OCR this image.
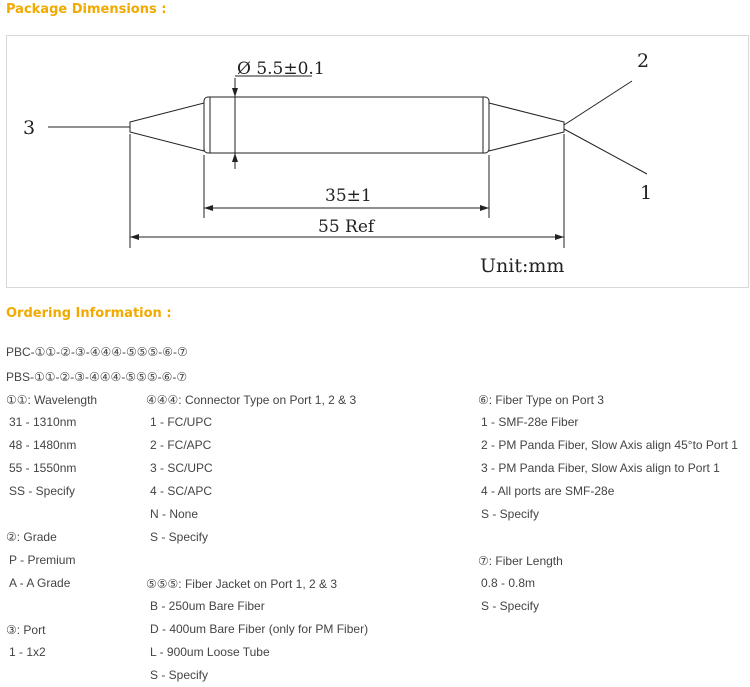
Package Dimensions :
Ø 5.5±0.1
35±1
55 Ref
Unit:mm
3
2
1
Ordering Information :
PBC-①①-②-③-④④④-⑤⑤⑤-⑥-⑦
PBS-①①-②-③-④④④-⑤⑤⑤-⑥-⑦
①①: Wavelength
31 - 1310nm
48 - 1480nm
55 - 1550nm
SS - Specify
②: Grade
P - Premium
A - A Grade
③: Port
1 - 1x2
④④④: Connector Type on Port 1, 2 & 3
1 - FC/UPC
2 - FC/APC
3 - SC/UPC
4 - SC/APC
N - None
S - Specify
⑤⑤⑤: Fiber Jacket on Port 1, 2 & 3
B - 250um Bare Fiber
D - 400um Bare Fiber (only for PM Fiber)
L - 900um Loose Tube
S - Specify
⑥: Fiber Type on Port 3
1 - SMF-28e Fiber
2 - PM Panda Fiber, Slow Axis align 45°to Port 1
3 - PM Panda Fiber, Slow Axis align to Port 1
4 - All ports are SMF-28e
S - Specify
⑦: Fiber Length
0.8 - 0.8m
S - Specify
